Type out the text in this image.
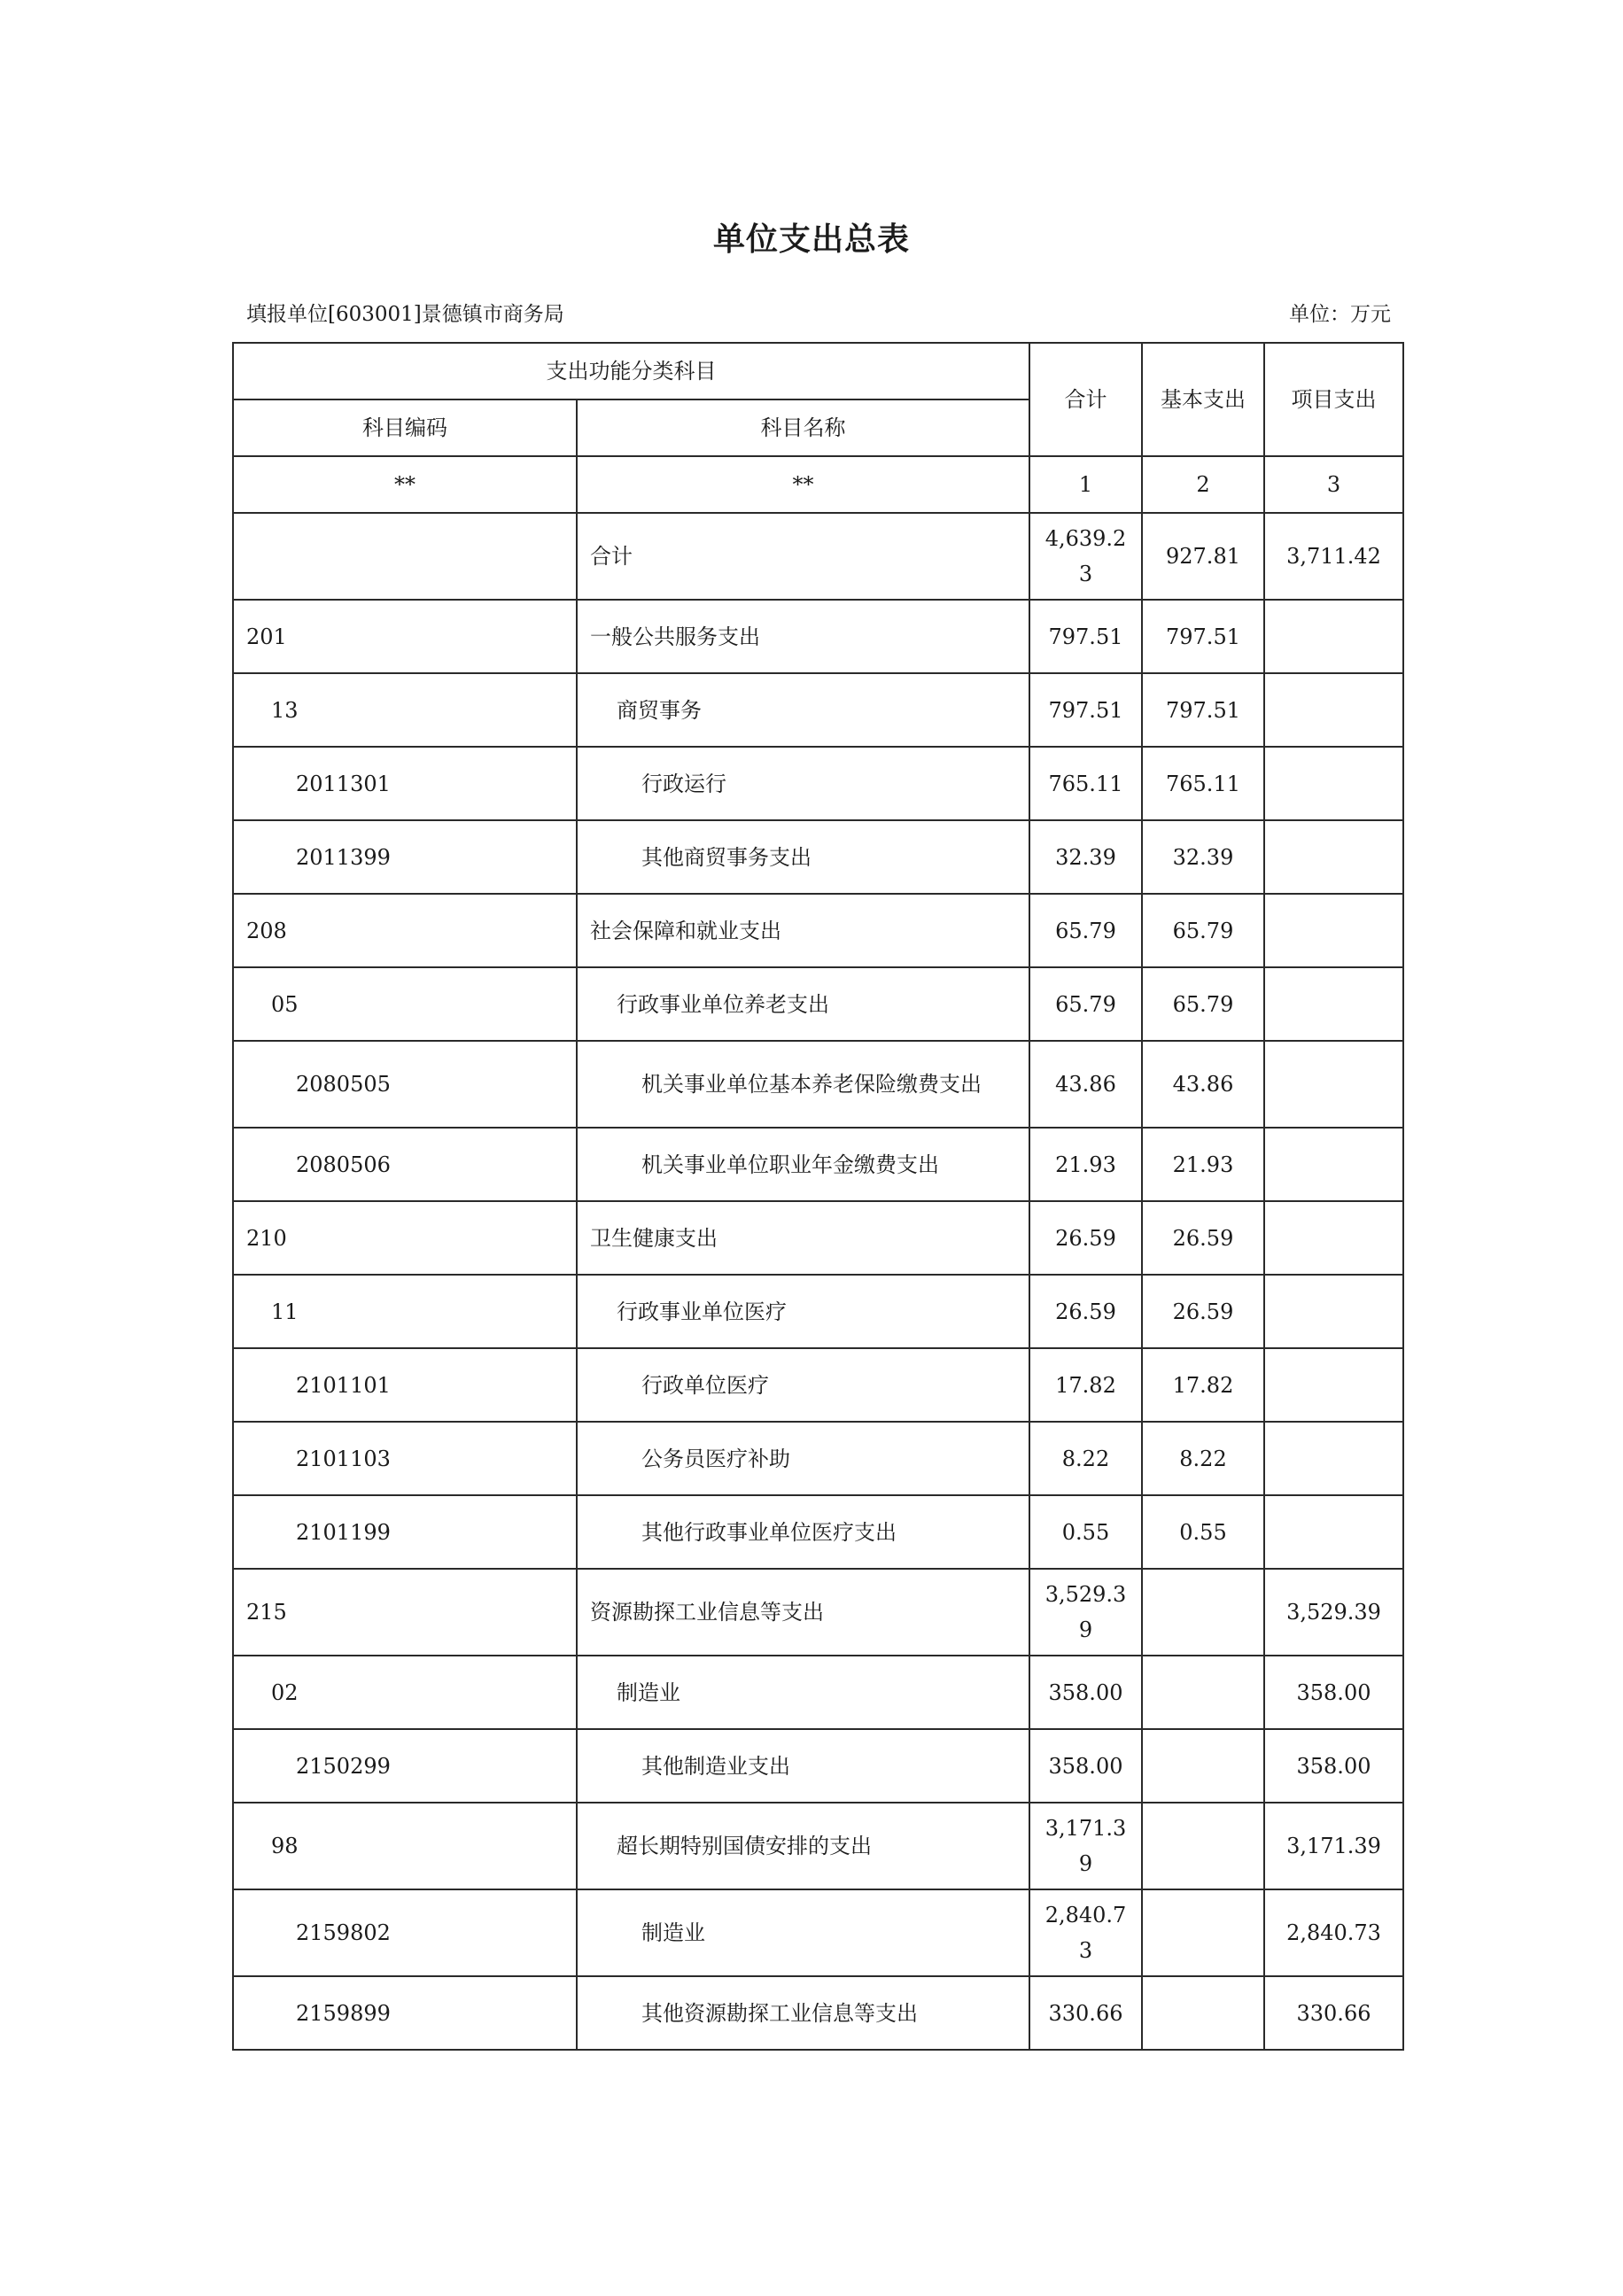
单位支出总表
填报单位[603001]景德镇市商务局	单位：万元
支出功能分类科目		合计	基本支出	项目支出
科目编码	科目名称			
**	**	1	2	3
	合计	4,639.23	927.81	3,711.42
201	一般公共服务支出	797.51	797.51	
13	商贸事务	797.51	797.51	
2011301	行政运行	765.11	765.11	
2011399	其他商贸事务支出	32.39	32.39	
208	社会保障和就业支出	65.79	65.79	
05	行政事业单位养老支出	65.79	65.79	
2080505	机关事业单位基本养老保险缴费支出	43.86	43.86	
2080506	机关事业单位职业年金缴费支出	21.93	21.93	
210	卫生健康支出	26.59	26.59	
11	行政事业单位医疗	26.59	26.59	
2101101	行政单位医疗	17.82	17.82	
2101103	公务员医疗补助	8.22	8.22	
2101199	其他行政事业单位医疗支出	0.55	0.55	
215	资源勘探工业信息等支出	3,529.39		3,529.39
02	制造业	358.00		358.00
2150299	其他制造业支出	358.00		358.00
98	超长期特别国债安排的支出	3,171.39		3,171.39
2159802	制造业	2,840.73		2,840.73
2159899	其他资源勘探工业信息等支出	330.66		330.66
